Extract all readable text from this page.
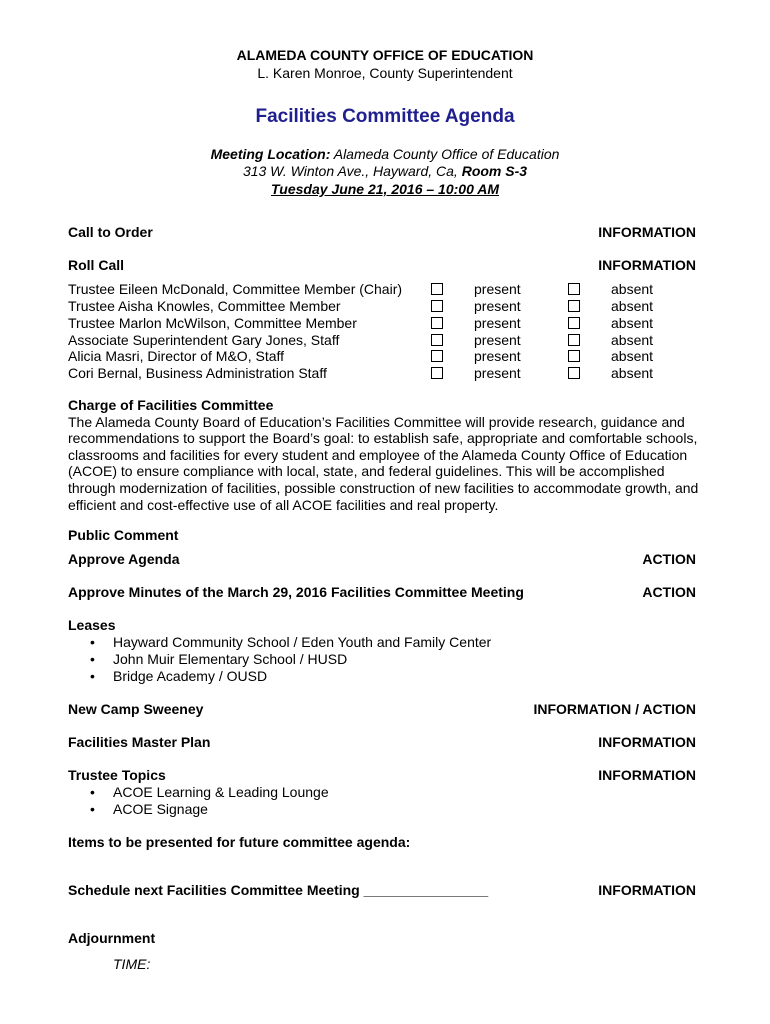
ALAMEDA COUNTY OFFICE OF EDUCATION
L. Karen Monroe, County Superintendent
Facilities Committee Agenda
Meeting Location: Alameda County Office of Education
313 W. Winton Ave., Hayward, Ca, Room S-3
Tuesday June 21, 2016 – 10:00 AM
Call to Order	INFORMATION
Roll Call	INFORMATION
Trustee Eileen McDonald, Committee Member (Chair)	present	absent
Trustee Aisha Knowles, Committee Member	present	absent
Trustee Marlon McWilson, Committee Member	present	absent
Associate Superintendent Gary Jones, Staff	present	absent
Alicia Masri, Director of M&O, Staff	present	absent
Cori Bernal, Business Administration Staff	present	absent
Charge of Facilities Committee
The Alameda County Board of Education’s Facilities Committee will provide research, guidance and
recommendations to support the Board’s goal: to establish safe, appropriate and comfortable schools,
classrooms and facilities for every student and employee of the Alameda County Office of Education
(ACOE) to ensure compliance with local, state, and federal guidelines. This will be accomplished
through modernization of facilities, possible construction of new facilities to accommodate growth, and
efficient and cost-effective use of all ACOE facilities and real property.
Public Comment
Approve Agenda	ACTION
Approve Minutes of the March 29, 2016 Facilities Committee Meeting	ACTION
Leases
• Hayward Community School / Eden Youth and Family Center
• John Muir Elementary School / HUSD
• Bridge Academy / OUSD
New Camp Sweeney	INFORMATION / ACTION
Facilities Master Plan	INFORMATION
Trustee Topics	INFORMATION
• ACOE Learning & Leading Lounge
• ACOE Signage
Items to be presented for future committee agenda:
Schedule next Facilities Committee Meeting ________________	INFORMATION
Adjournment
TIME:
